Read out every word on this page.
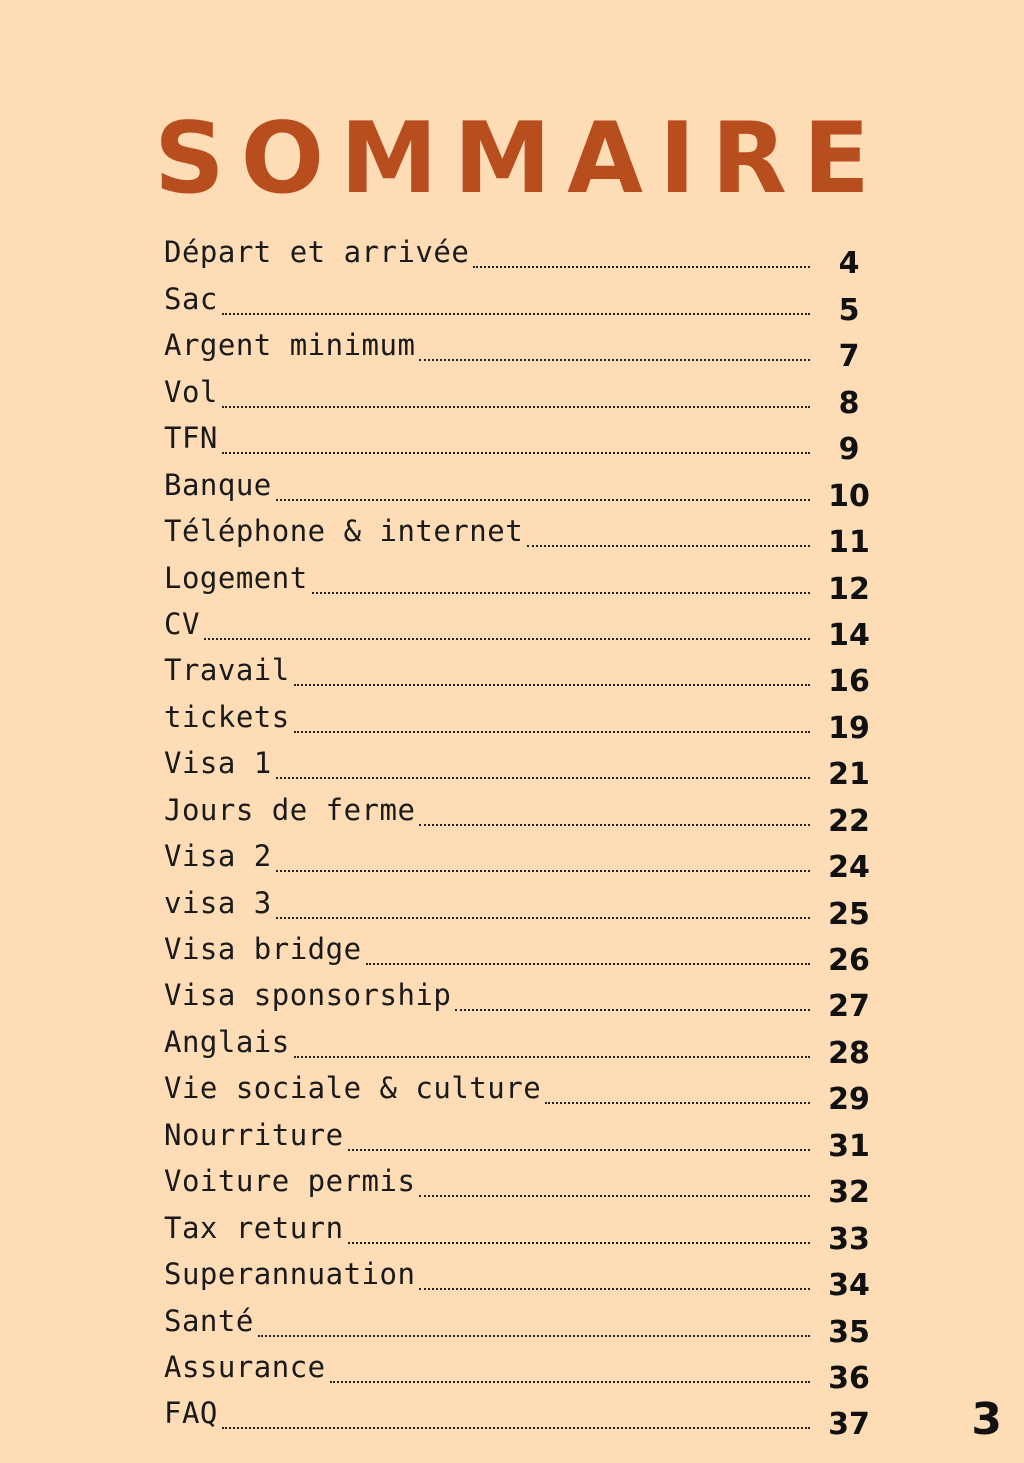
SOMMAIRE
Départ et arrivée	4
Sac	5
Argent minimum	7
Vol	8
TFN	9
Banque	10
Téléphone & internet	11
Logement	12
CV	14
Travail	16
tickets	19
Visa 1	21
Jours de ferme	22
Visa 2	24
visa 3	25
Visa bridge	26
Visa sponsorship	27
Anglais	28
Vie sociale & culture	29
Nourriture	31
Voiture permis	32
Tax return	33
Superannuation	34
Santé	35
Assurance	36
FAQ	37 3
